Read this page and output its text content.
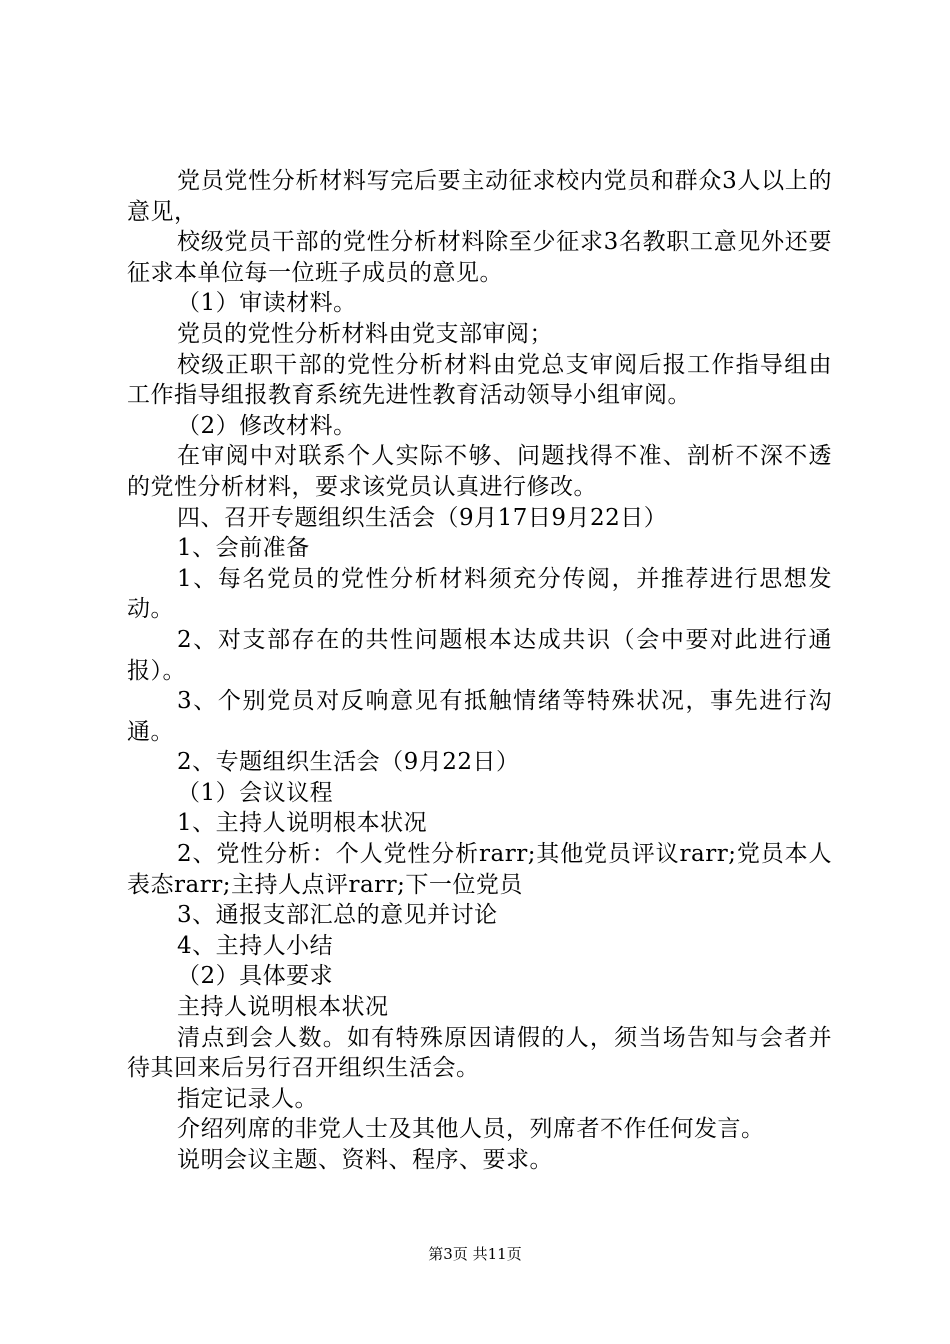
党员党性分析材料写完后要主动征求校内党员和群众3人以上的意见，

校级党员干部的党性分析材料除至少征求3名教职工意见外还要征求本单位每一位班子成员的意见。

（1）审读材料。

党员的党性分析材料由党支部审阅；

校级正职干部的党性分析材料由党总支审阅后报工作指导组由工作指导组报教育系统先进性教育活动领导小组审阅。

（2）修改材料。

在审阅中对联系个人实际不够、问题找得不准、剖析不深不透的党性分析材料，要求该党员认真进行修改。

四、召开专题组织生活会（9月17日9月22日）

1、会前准备

1、每名党员的党性分析材料须充分传阅，并推荐进行思想发动。

2、对支部存在的共性问题根本达成共识（会中要对此进行通报）。

3、个别党员对反响意见有抵触情绪等特殊状况，事先进行沟通。

2、专题组织生活会（9月22日）

（1）会议议程

1、主持人说明根本状况

2、党性分析：个人党性分析rarr;其他党员评议rarr;党员本人表态rarr;主持人点评rarr;下一位党员

3、通报支部汇总的意见并讨论

4、主持人小结

（2）具体要求

主持人说明根本状况

清点到会人数。如有特殊原因请假的人，须当场告知与会者并待其回来后另行召开组织生活会。

指定记录人。

介绍列席的非党人士及其他人员，列席者不作任何发言。

说明会议主题、资料、程序、要求。

第3页 共11页
